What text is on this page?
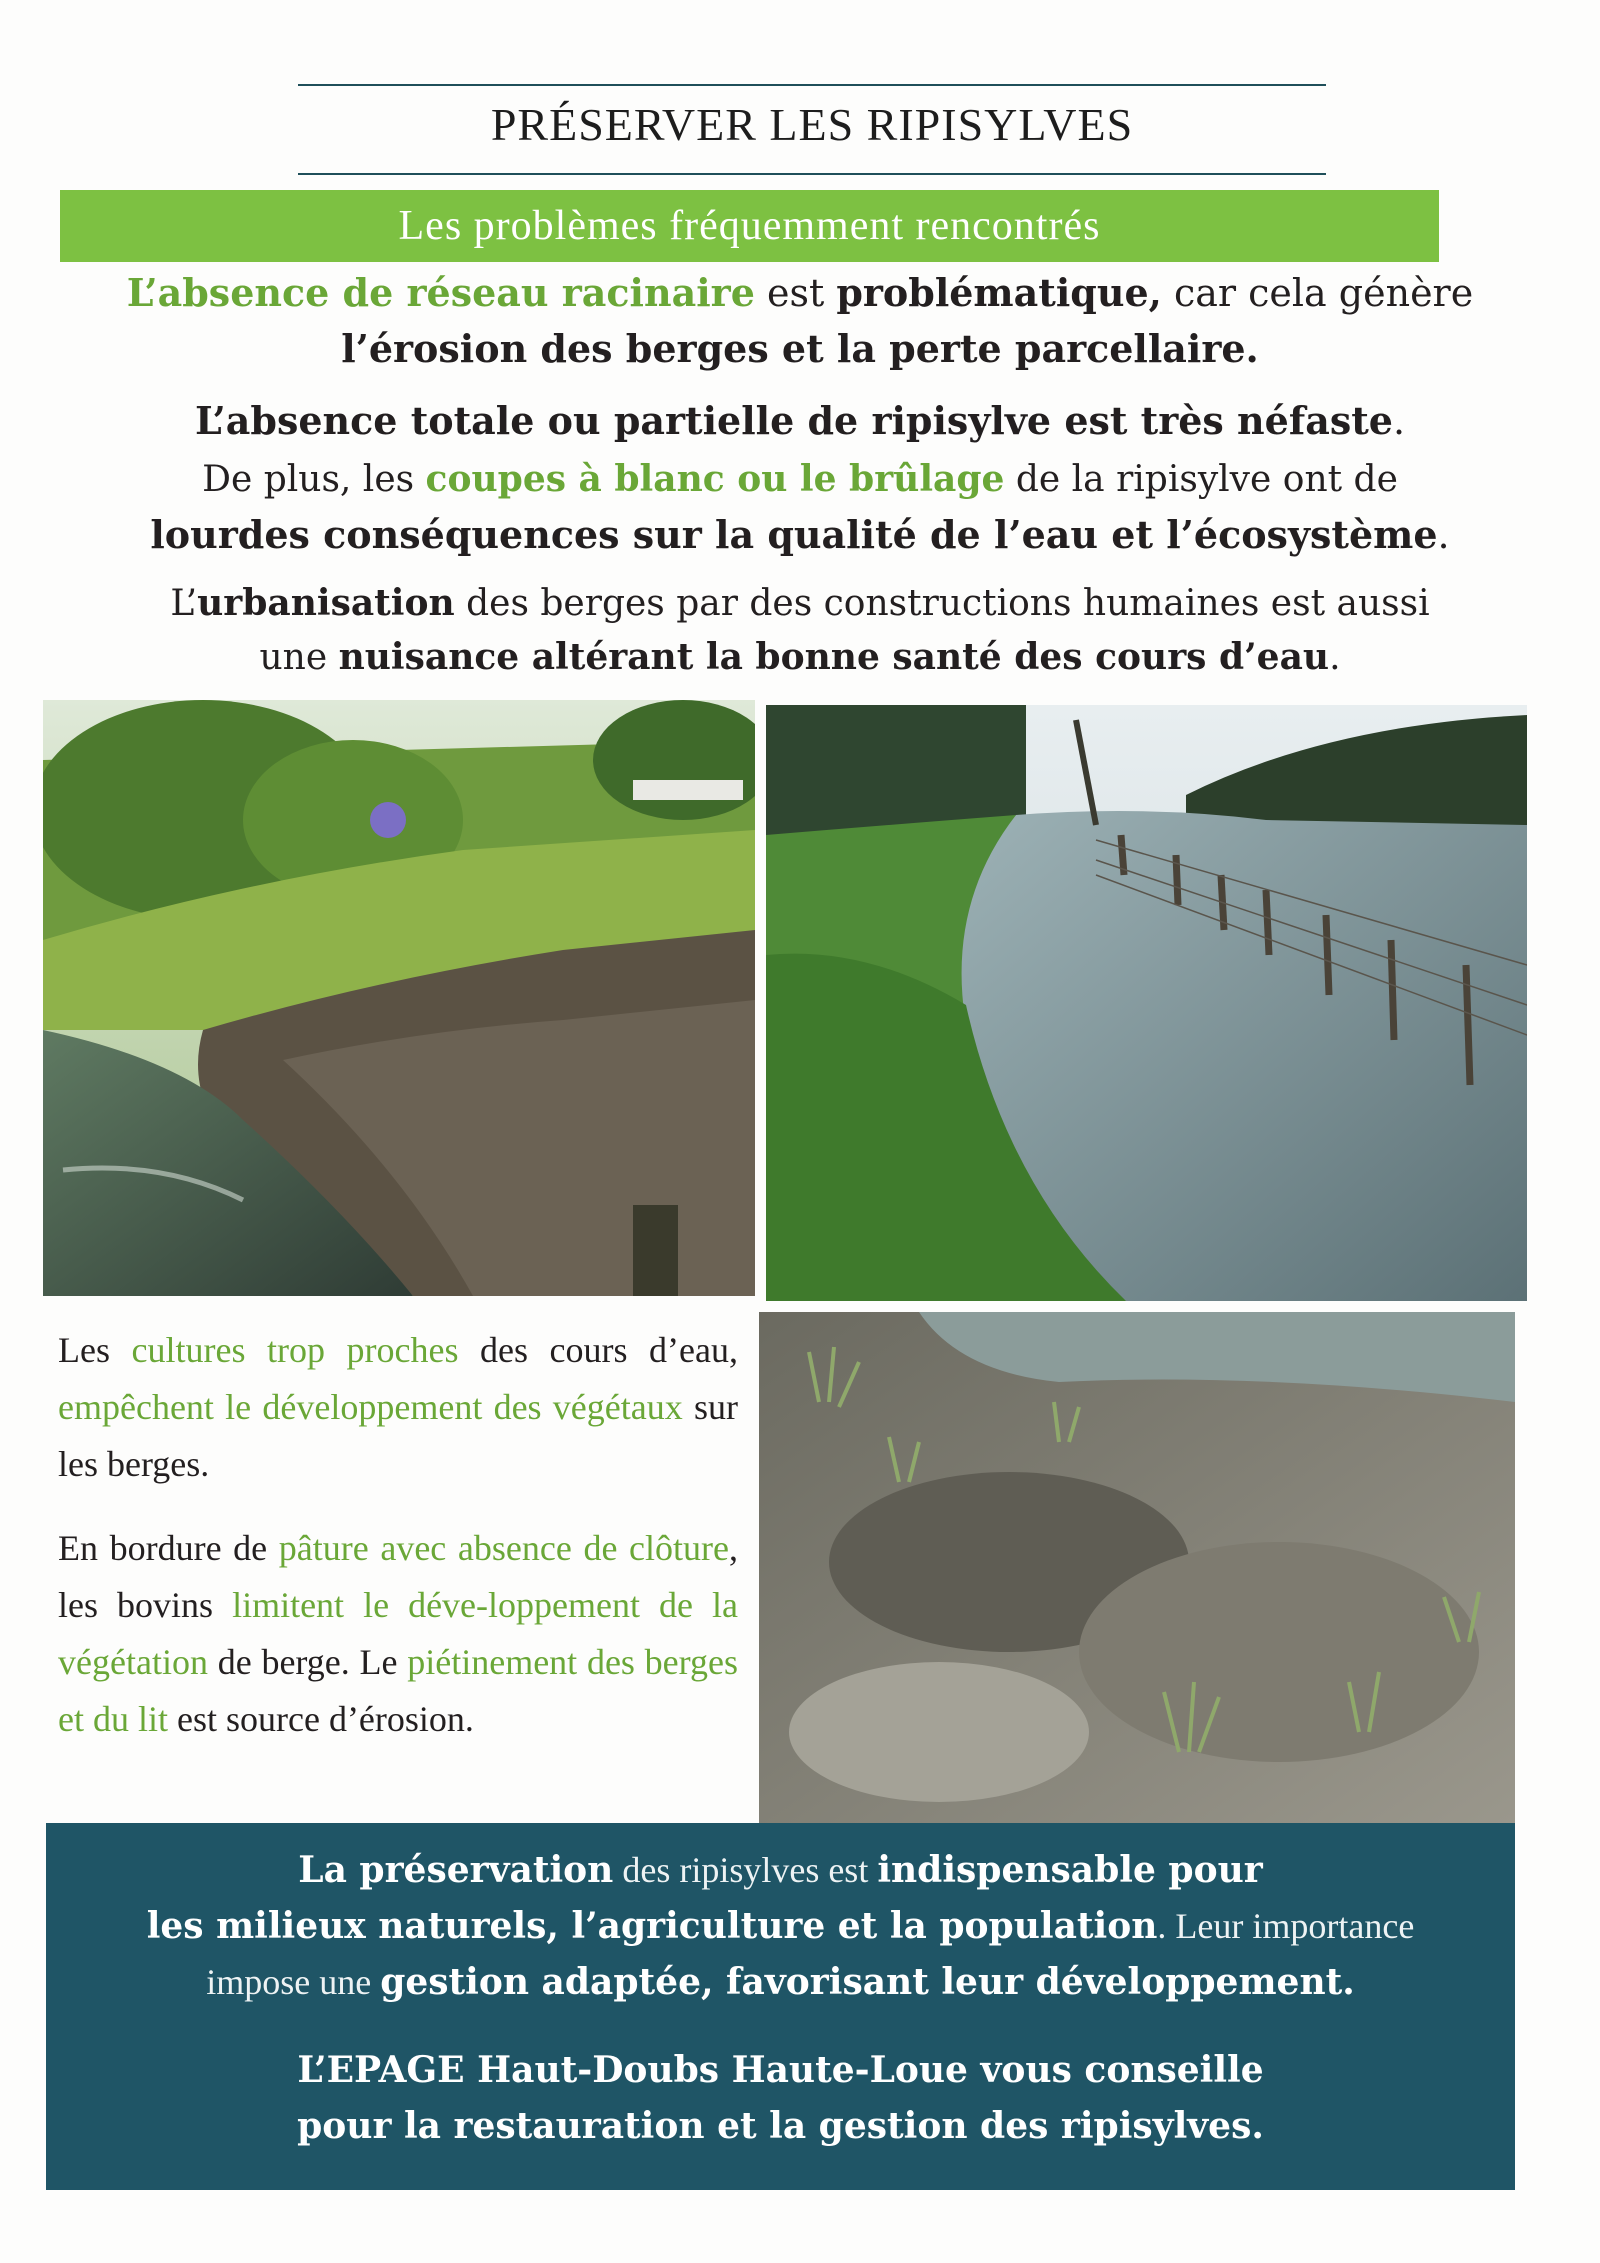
PRÉSERVER LES RIPISYLVES
Les problèmes fréquemment rencontrés
L’absence de réseau racinaire est problématique, car cela génère
l’érosion des berges et la perte parcellaire.
L’absence totale ou partielle de ripisylve est très néfaste.
De plus, les coupes à blanc ou le brûlage de la ripisylve ont de
lourdes conséquences sur la qualité de l’eau et l’écosystème.
L’urbanisation des berges par des constructions humaines est aussi
une nuisance altérant la bonne santé des cours d’eau.
Les cultures trop proches des cours d’eau, empêchent le développement des végétaux sur les berges.
En bordure de pâture avec absence de clôture, les bovins limitent le déve-loppement de la végétation de berge. Le piétinement des berges et du lit est source d’érosion.
La préservation des ripisylves est indispensable pour
les milieux naturels, l’agriculture et la population. Leur importance
impose une gestion adaptée, favorisant leur développement.
L’EPAGE Haut-Doubs Haute-Loue vous conseille
pour la restauration et la gestion des ripisylves.
